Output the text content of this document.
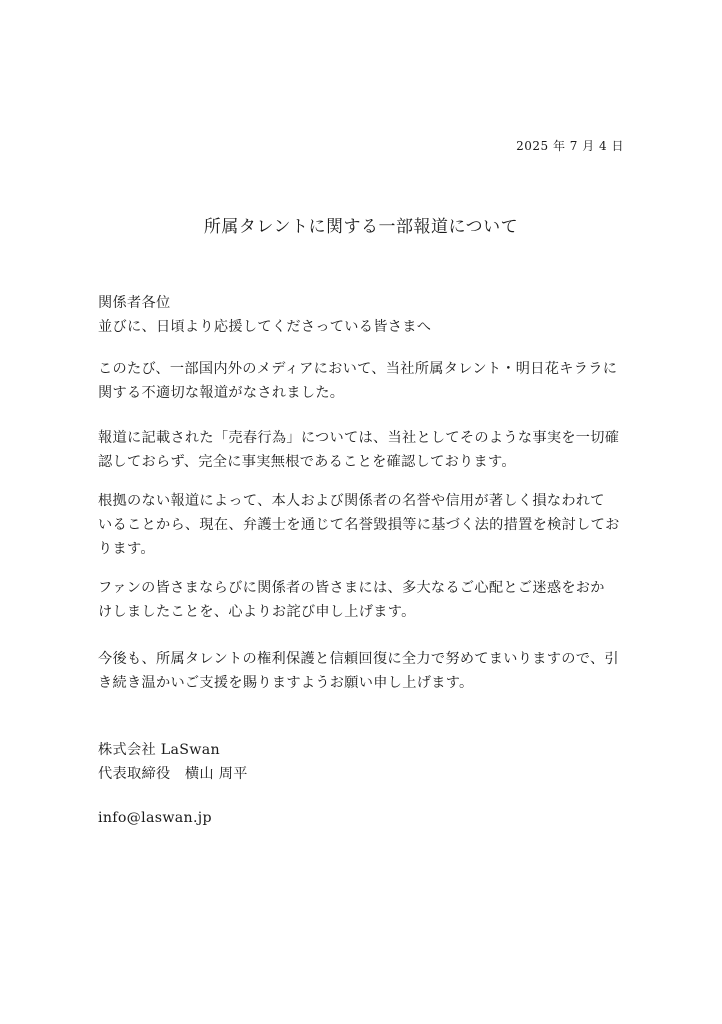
2025 年 7 月 4 日
所属タレントに関する一部報道について

関係者各位

並びに、日頃より応援してくださっている皆さまへ

このたび、一部国内外のメディアにおいて、当社所属タレント・明日花キララに

関する不適切な報道がなされました。

報道に記載された「売春行為」については、当社としてそのような事実を一切確

認しておらず、完全に事実無根であることを確認しております。

根拠のない報道によって、本人および関係者の名誉や信用が著しく損なわれて

いることから、現在、弁護士を通じて名誉毀損等に基づく法的措置を検討してお

ります。

ファンの皆さまならびに関係者の皆さまには、多大なるご心配とご迷惑をおか

けしましたことを、心よりお詫び申し上げます。

今後も、所属タレントの権利保護と信頼回復に全力で努めてまいりますので、引

き続き温かいご支援を賜りますようお願い申し上げます。

株式会社 LaSwan

代表取締役　横山 周平

info@laswan.jp
